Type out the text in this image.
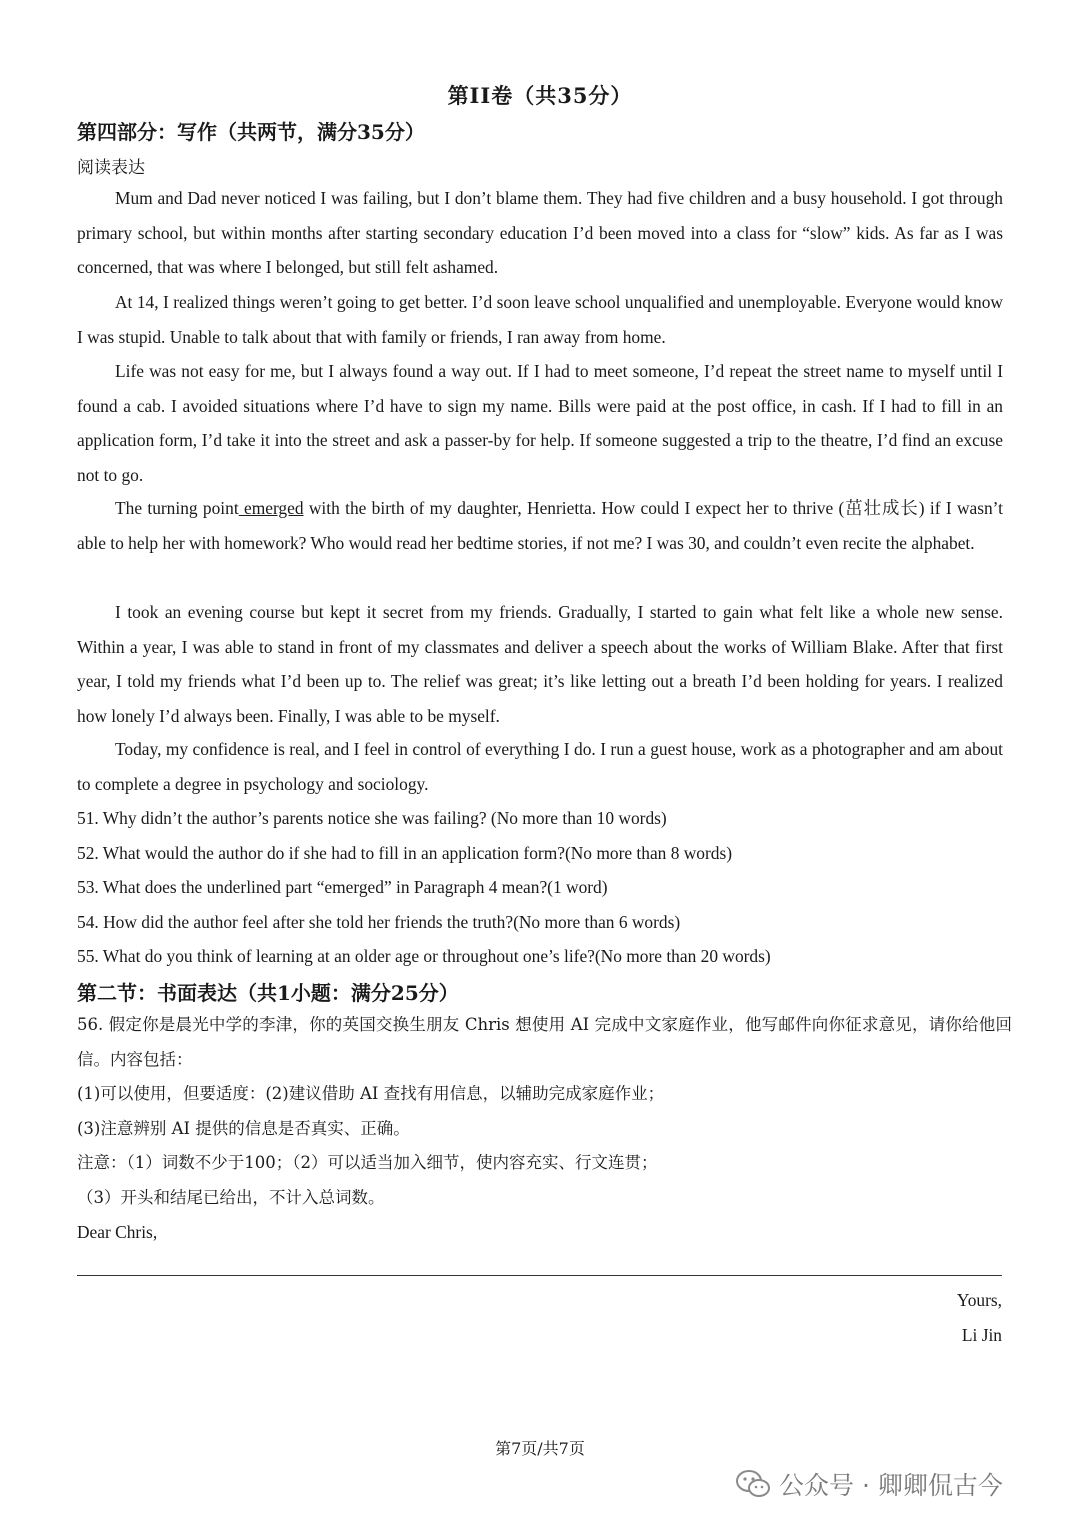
第II卷（共35分）
第四部分：写作（共两节，满分35分）
阅读表达

Mum and Dad never noticed I was failing, but I don’t blame them. They had five children and a busy household. I got through primary school, but within months after starting secondary education I’d been moved into a class for “slow” kids. As far as I was concerned, that was where I belonged, but still felt ashamed.

At 14, I realized things weren’t going to get better. I’d soon leave school unqualified and unemployable. Everyone would know I was stupid. Unable to talk about that with family or friends, I ran away from home.

Life was not easy for me, but I always found a way out. If I had to meet someone, I’d repeat the street name to myself until I found a cab. I avoided situations where I’d have to sign my name. Bills were paid at the post office, in cash. If I had to fill in an application form, I’d take it into the street and ask a passer-by for help. If someone suggested a trip to the theatre, I’d find an excuse not to go.

The turning point emerged with the birth of my daughter, Henrietta. How could I expect her to thrive (茁壮成长) if I wasn’t able to help her with homework? Who would read her bedtime stories, if not me? I was 30, and couldn’t even recite the alphabet.

I took an evening course but kept it secret from my friends. Gradually, I started to gain what felt like a whole new sense. Within a year, I was able to stand in front of my classmates and deliver a speech about the works of William Blake. After that first year, I told my friends what I’d been up to. The relief was great; it’s like letting out a breath I’d been holding for years. I realized how lonely I’d always been. Finally, I was able to be myself.

Today, my confidence is real, and I feel in control of everything I do. I run a guest house, work as a photographer and am about to complete a degree in psychology and sociology.

51. Why didn’t the author’s parents notice she was failing? (No more than 10 words)

52. What would the author do if she had to fill in an application form?(No more than 8 words)

53. What does the underlined part “emerged” in Paragraph 4 mean?(1 word)

54. How did the author feel after she told her friends the truth?(No more than 6 words)

55. What do you think of learning at an older age or throughout one’s life?(No more than 20 words)

第二节：书面表达（共1小题：满分25分）

56. 假定你是晨光中学的李津，你的英国交换生朋友 Chris 想使用 AI 完成中文家庭作业，他写邮件向你征求意见，请你给他回信。内容包括：

(1)可以使用，但要适度：(2)建议借助 AI 查找有用信息，以辅助完成家庭作业；

(3)注意辨别 AI 提供的信息是否真实、正确。

注意：（1）词数不少于100；（2）可以适当加入细节，使内容充实、行文连贯；

（3）开头和结尾已给出，不计入总词数。

Dear Chris,

Yours,
Li Jin
第7页/共7页
公众号 · 卿卿侃古今
